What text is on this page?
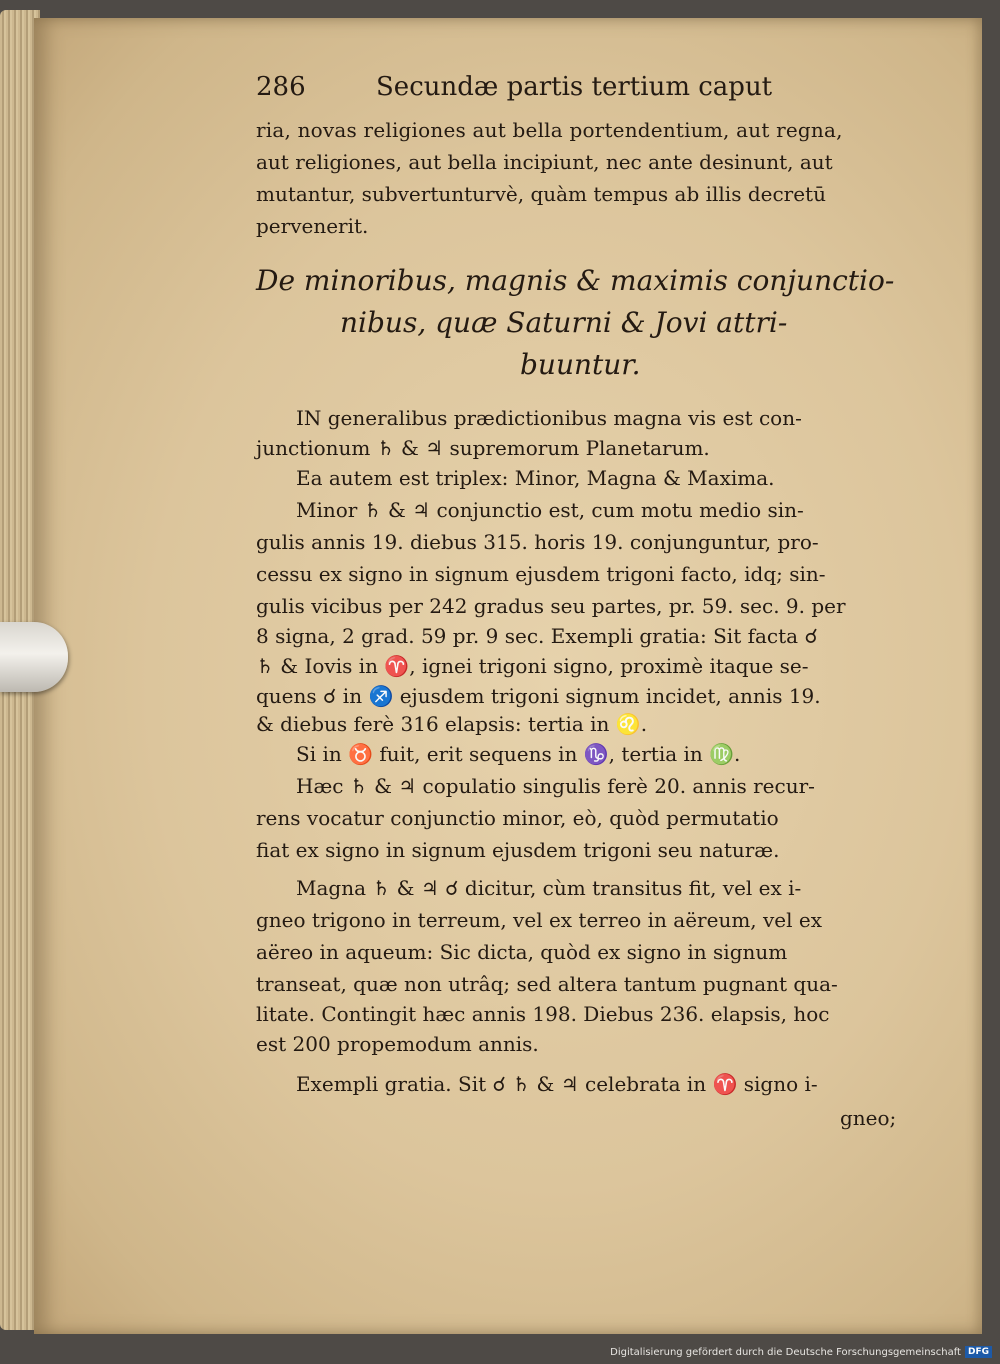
286	Secundæ partis tertium caput
ria, novas religiones aut bella portendentium, aut regna,
aut religiones, aut bella incipiunt, nec ante desinunt, aut
mutantur, subvertunturvè, quàm tempus ab illis decretū
pervenerit.
De minoribus, magnis & maximis conjunctio-
nibus, quæ Saturni & Jovi attri-
buuntur.
IN generalibus prædictionibus magna vis est con-
junctionum ♄ & ♃ supremorum Planetarum.
Ea autem est triplex: Minor, Magna & Maxima.
Minor ♄ & ♃ conjunctio est, cum motu medio sin-
gulis annis 19. diebus 315. horis 19. conjunguntur, pro-
cessu ex signo in signum ejusdem trigoni facto, idq; sin-
gulis vicibus per 242 gradus seu partes, pr. 59. sec. 9. per
8 signa, 2 grad. 59 pr. 9 sec. Exempli gratia: Sit facta ☌
♄ & Iovis in ♈, ignei trigoni signo, proximè itaque se-
quens ☌ in ♐ ejusdem trigoni signum incidet, annis 19.
& diebus ferè 316 elapsis: tertia in ♌.
Si in ♉ fuit, erit sequens in ♑, tertia in ♍.
Hæc ♄ & ♃ copulatio singulis ferè 20. annis recur-
rens vocatur conjunctio minor, eò, quòd permutatio
fiat ex signo in signum ejusdem trigoni seu naturæ.
Magna ♄ & ♃ ☌ dicitur, cùm transitus fit, vel ex i-
gneo trigono in terreum, vel ex terreo in aëreum, vel ex
aëreo in aqueum: Sic dicta, quòd ex signo in signum
transeat, quæ non utrâq; sed altera tantum pugnant qua-
litate. Contingit hæc annis 198. Diebus 236. elapsis, hoc
est 200 propemodum annis.
Exempli gratia. Sit ☌ ♄ & ♃ celebrata in ♈ signo i-
gneo;
Digitalisierung gefördert durch die Deutsche Forschungsgemeinschaft DFG
